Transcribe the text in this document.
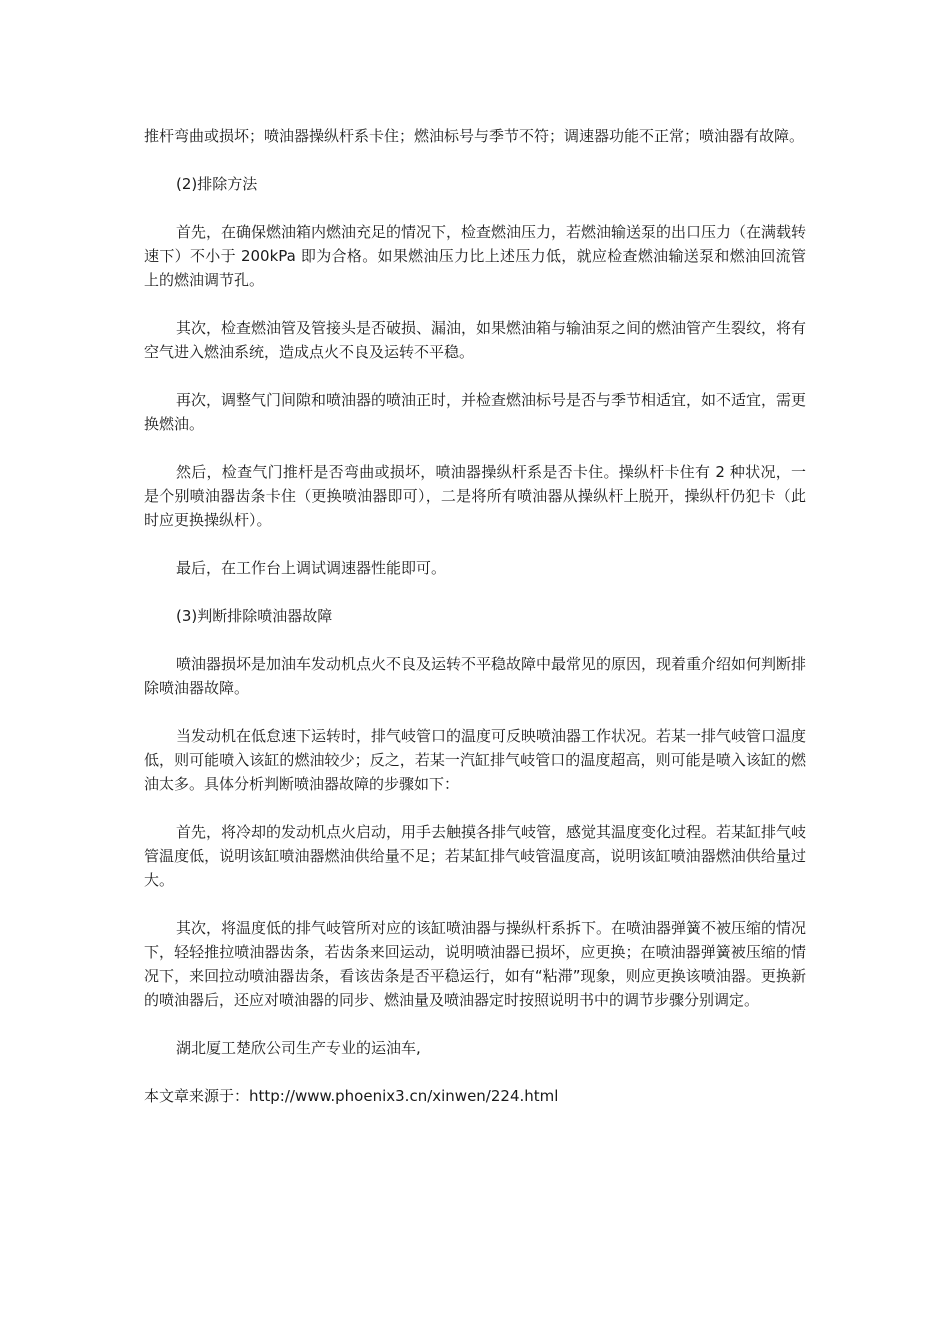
推杆弯曲或损坏；喷油器操纵杆系卡住；燃油标号与季节不符；调速器功能不正常；喷油器有故障。

(2)排除方法

首先，在确保燃油箱内燃油充足的情况下，检查燃油压力，若燃油输送泵的出口压力（在满载转速下）不小于 200kPa 即为合格。如果燃油压力比上述压力低，就应检查燃油输送泵和燃油回流管上的燃油调节孔。

其次，检查燃油管及管接头是否破损、漏油，如果燃油箱与输油泵之间的燃油管产生裂纹，将有空气进入燃油系统，造成点火不良及运转不平稳。

再次，调整气门间隙和喷油器的喷油正时，并检查燃油标号是否与季节相适宜，如不适宜，需更换燃油。

然后，检查气门推杆是否弯曲或损坏，喷油器操纵杆系是否卡住。操纵杆卡住有 2 种状况，一是个别喷油器齿条卡住（更换喷油器即可），二是将所有喷油器从操纵杆上脱开，操纵杆仍犯卡（此时应更换操纵杆）。

最后，在工作台上调试调速器性能即可。

(3)判断排除喷油器故障

喷油器损坏是加油车发动机点火不良及运转不平稳故障中最常见的原因，现着重介绍如何判断排除喷油器故障。

当发动机在低怠速下运转时，排气岐管口的温度可反映喷油器工作状况。若某一排气岐管口温度低，则可能喷入该缸的燃油较少；反之，若某一汽缸排气岐管口的温度超高，则可能是喷入该缸的燃油太多。具体分析判断喷油器故障的步骤如下：

首先，将冷却的发动机点火启动，用手去触摸各排气岐管，感觉其温度变化过程。若某缸排气岐管温度低，说明该缸喷油器燃油供给量不足；若某缸排气岐管温度高，说明该缸喷油器燃油供给量过大。

其次，将温度低的排气岐管所对应的该缸喷油器与操纵杆系拆下。在喷油器弹簧不被压缩的情况下，轻轻推拉喷油器齿条，若齿条来回运动，说明喷油器已损坏，应更换；在喷油器弹簧被压缩的情况下，来回拉动喷油器齿条，看该齿条是否平稳运行，如有“粘滞”现象，则应更换该喷油器。更换新的喷油器后，还应对喷油器的同步、燃油量及喷油器定时按照说明书中的调节步骤分别调定。

湖北厦工楚欣公司生产专业的运油车,

本文章来源于：http://www.phoenix3.cn/xinwen/224.html
